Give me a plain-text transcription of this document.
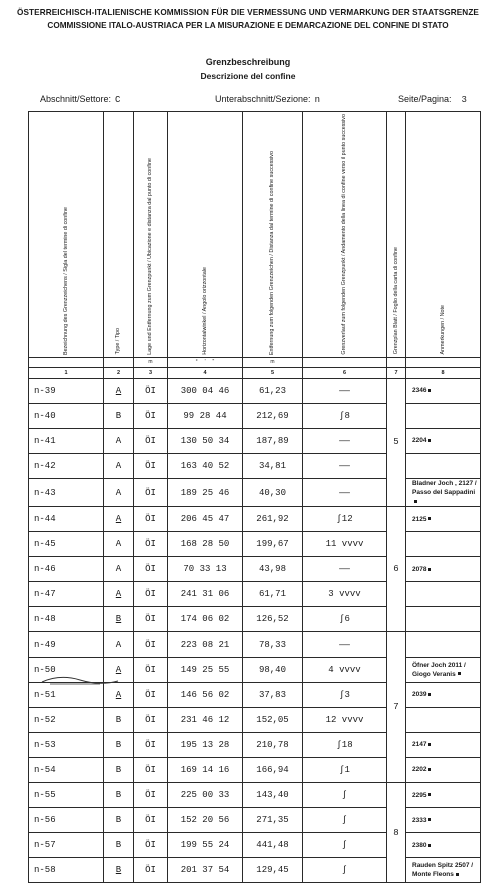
ÖSTERREICHISCH-ITALIENISCHE KOMMISSION FÜR DIE VERMESSUNG UND VERMARKUNG DER STAATSGRENZE
COMMISSIONE ITALO-AUSTRIACA PER LA MISURAZIONE E DEMARCAZIONE DEL CONFINE DI STATO
Grenzbeschreibung
Descrizione del confine
Abschnitt/Settore: C	Unterabschnitt/Sezione: n	Seite/Pagina: 3
Bezeichnung des Grenzzeichens / Sigla del termine di confine	Type / Tipo	Lage und Entfernung zum Grenzpunkt / Ubicazione e distanza dal punto di confine	Horizontalwinkel / Angolo orizzontale	Entfernung zum folgenden Grenzzeichen / Distanza dal termine di confine successivo	Grenzverlauf zum folgenden Grenzpunkt / Andamento della linea di confine verso il punto successivo	Grenzplan Blatt / Foglio della carta di confine	Anmerkungen / Note

		m	° ' "	m			
1	2	3	4	5	6	7	8
n-39	A	ÖI	300 04 46	61,23	——	5	2346
n-40	B	ÖI	99 28 44	212,69	∫8		
n-41	A	ÖI	130 50 34	187,89	——		2204
n-42	A	ÖI	163 40 52	34,81	——		
n-43	A	ÖI	189 25 46	40,30	——		Bladner Joch , 2127 / Passo del Sappadini
n-44	A	ÖI	206 45 47	261,92	∫12	6	2125
n-45	A	ÖI	168 28 50	199,67	11 vvvv		
n-46	A	ÖI	70 33 13	43,98	——		2078
n-47	A	ÖI	241 31 06	61,71	3 vvvv		
n-48	B	ÖI	174 06 02	126,52	∫6		
n-49	A	ÖI	223 08 21	78,33	——	7	
n-50	A	ÖI	149 25 55	98,40	4 vvvv		Öfner Joch 2011 / Giogo Veranis
n-51	A	ÖI	146 56 02	37,83	∫3		2039
n-52	B	ÖI	231 46 12	152,05	12 vvvv		
n-53	B	ÖI	195 13 28	210,78	∫18		2147
n-54	B	ÖI	169 14 16	166,94	∫1		2202
n-55	B	ÖI	225 00 33	143,40	∫	8	2295
n-56	B	ÖI	152 20 56	271,35	∫		2333
n-57	B	ÖI	199 55 24	441,48	∫		2380
n-58	B	ÖI	201 37 54	129,45	∫		Rauden Spitz 2507 / Monte Fleons
